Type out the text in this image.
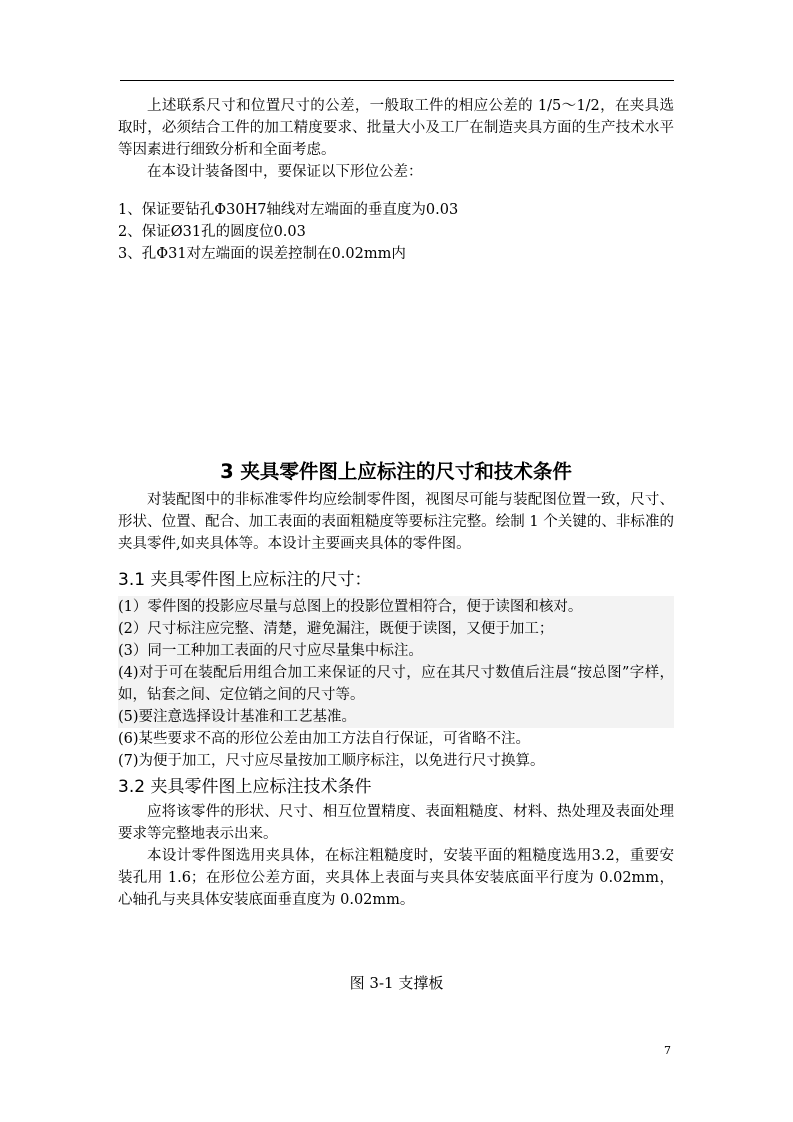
上述联系尺寸和位置尺寸的公差，一般取工件的相应公差的 1/5～1/2，在夹具选取时，必须结合工件的加工精度要求、批量大小及工厂在制造夹具方面的生产技术水平等因素进行细致分析和全面考虑。

在本设计装备图中，要保证以下形位公差：

1、保证要钻孔Φ30H7轴线对左端面的垂直度为0.03

2、保证Ø31孔的圆度位0.03

3、孔Φ31对左端面的误差控制在0.02mm内

3 夹具零件图上应标注的尺寸和技术条件

对装配图中的非标准零件均应绘制零件图，视图尽可能与装配图位置一致，尺寸、形状、位置、配合、加工表面的表面粗糙度等要标注完整。绘制 1 个关键的、非标准的夹具零件,如夹具体等。本设计主要画夹具体的零件图。

3.1 夹具零件图上应标注的尺寸：

(1）零件图的投影应尽量与总图上的投影位置相符合，便于读图和核对。

(2）尺寸标注应完整、清楚，避免漏注，既便于读图，又便于加工；

(3）同一工种加工表面的尺寸应尽量集中标注。

(4)对于可在装配后用组合加工来保证的尺寸，应在其尺寸数值后注晨“按总图”字样，如，钻套之间、定位销之间的尺寸等。

(5)要注意选择设计基准和工艺基准。

(6)某些要求不高的形位公差由加工方法自行保证，可省略不注。

(7)为便于加工，尺寸应尽量按加工顺序标注，以免进行尺寸换算。

3.2 夹具零件图上应标注技术条件

应将该零件的形状、尺寸、相互位置精度、表面粗糙度、材料、热处理及表面处理要求等完整地表示出来。

本设计零件图选用夹具体，在标注粗糙度时，安装平面的粗糙度选用3.2，重要安装孔用 1.6；在形位公差方面，夹具体上表面与夹具体安装底面平行度为 0.02mm，心轴孔与夹具体安装底面垂直度为 0.02mm。

图 3-1 支撑板

7
